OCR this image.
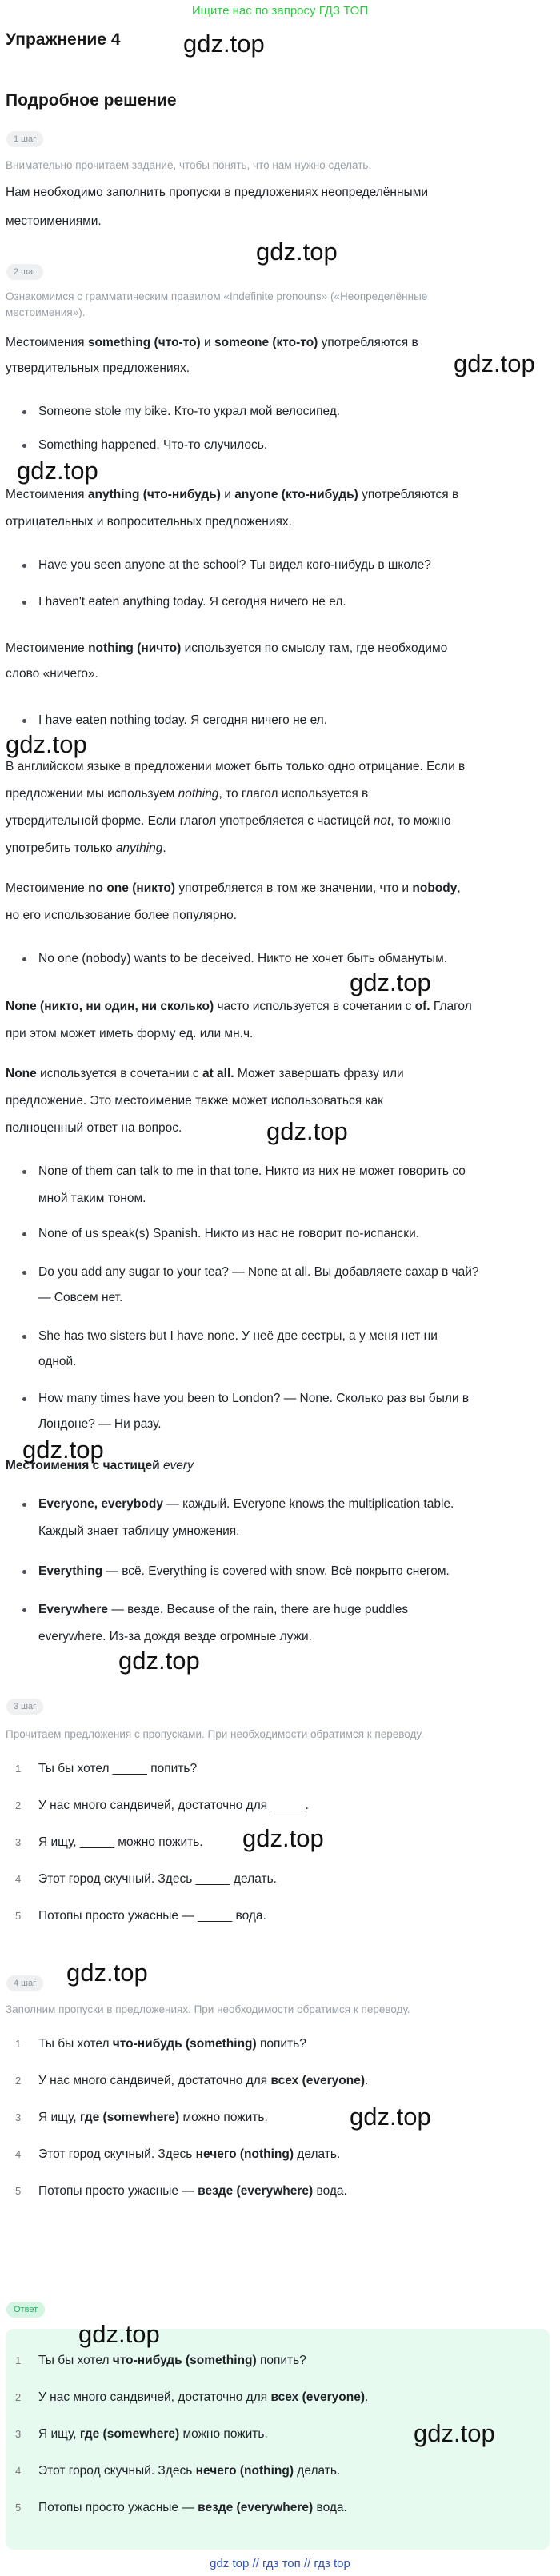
Ищите нас по запросу ГДЗ ТОП
Упражнение 4	gdz.top
Подробное решение
1 шаг
Внимательно прочитаем задание, чтобы понять, что нам нужно сделать.
Нам необходимо заполнить пропуски в предложениях неопределёнными
местоимениями.
gdz.top
2 шаг
Ознакомимся с грамматическим правилом «Indefinite pronouns» («Неопределённые
местоимения»).
Местоимения something (что-то) и someone (кто-то) употребляются в
gdz.top
утвердительных предложениях.
Someone stole my bike. Кто-то украл мой велосипед.
Something happened. Что-то случилось.
gdz.top
Местоимения anything (что-нибудь) и anyone (кто-нибудь) употребляются в
отрицательных и вопросительных предложениях.
Have you seen anyone at the school? Ты видел кого-нибудь в школе?
I haven't eaten anything today. Я сегодня ничего не ел.
Местоимение nothing (ничто) используется по смыслу там, где необходимо
слово «ничего».
I have eaten nothing today. Я сегодня ничего не ел.
gdz.top
В английском языке в предложении может быть только одно отрицание. Если в
предложении мы используем nothing, то глагол используется в
утвердительной форме. Если глагол употребляется с частицей not, то можно
употребить только anything.
Местоимение no one (никто) употребляется в том же значении, что и nobody,
но его использование более популярно.
No one (nobody) wants to be deceived. Никто не хочет быть обманутым.
gdz.top
None (никто, ни один, ни сколько) часто используется в сочетании с of. Глагол
при этом может иметь форму ед. или мн.ч.
None используется в сочетании с at all. Может завершать фразу или
предложение. Это местоимение также может использоваться как
полноценный ответ на вопрос.	gdz.top
None of them can talk to me in that tone. Никто из них не может говорить со
мной таким тоном.
None of us speak(s) Spanish. Никто из нас не говорит по-испански.
Do you add any sugar to your tea? — None at all. Вы добавляете сахар в чай?
— Совсем нет.
She has two sisters but I have none. У неё две сестры, а у меня нет ни
одной.
How many times have you been to London? — None. Сколько раз вы были в
Лондоне? — Ни разу.
gdz.top
Местоимения с частицей every
Everyone, everybody — каждый. Everyone knows the multiplication table.
Каждый знает таблицу умножения.
Everything — всё. Everything is covered with snow. Всё покрыто снегом.
Everywhere — везде. Because of the rain, there are huge puddles
everywhere. Из-за дождя везде огромные лужи.
gdz.top
3 шаг
Прочитаем предложения с пропусками. При необходимости обратимся к переводу.
1 Ты бы хотел _____ попить?
2 У нас много сандвичей, достаточно для _____.
3 Я ищу, _____ можно пожить. gdz.top
4 Этот город скучный. Здесь _____ делать.
5 Потопы просто ужасные — _____ вода.
gdz.top
4 шаг
Заполним пропуски в предложениях. При необходимости обратимся к переводу.
1 Ты бы хотел что-нибудь (something) попить?
2 У нас много сандвичей, достаточно для всех (everyone).
3 Я ищу, где (somewhere) можно пожить.	gdz.top
4 Этот город скучный. Здесь нечего (nothing) делать.
5 Потопы просто ужасные — везде (everywhere) вода.
Ответ
gdz.top
1 Ты бы хотел что-нибудь (something) попить?
2 У нас много сандвичей, достаточно для всех (everyone).
3 Я ищу, где (somewhere) можно пожить.	gdz.top
4 Этот город скучный. Здесь нечего (nothing) делать.
5 Потопы просто ужасные — везде (everywhere) вода.
gdz top // гдз топ // гдз top
